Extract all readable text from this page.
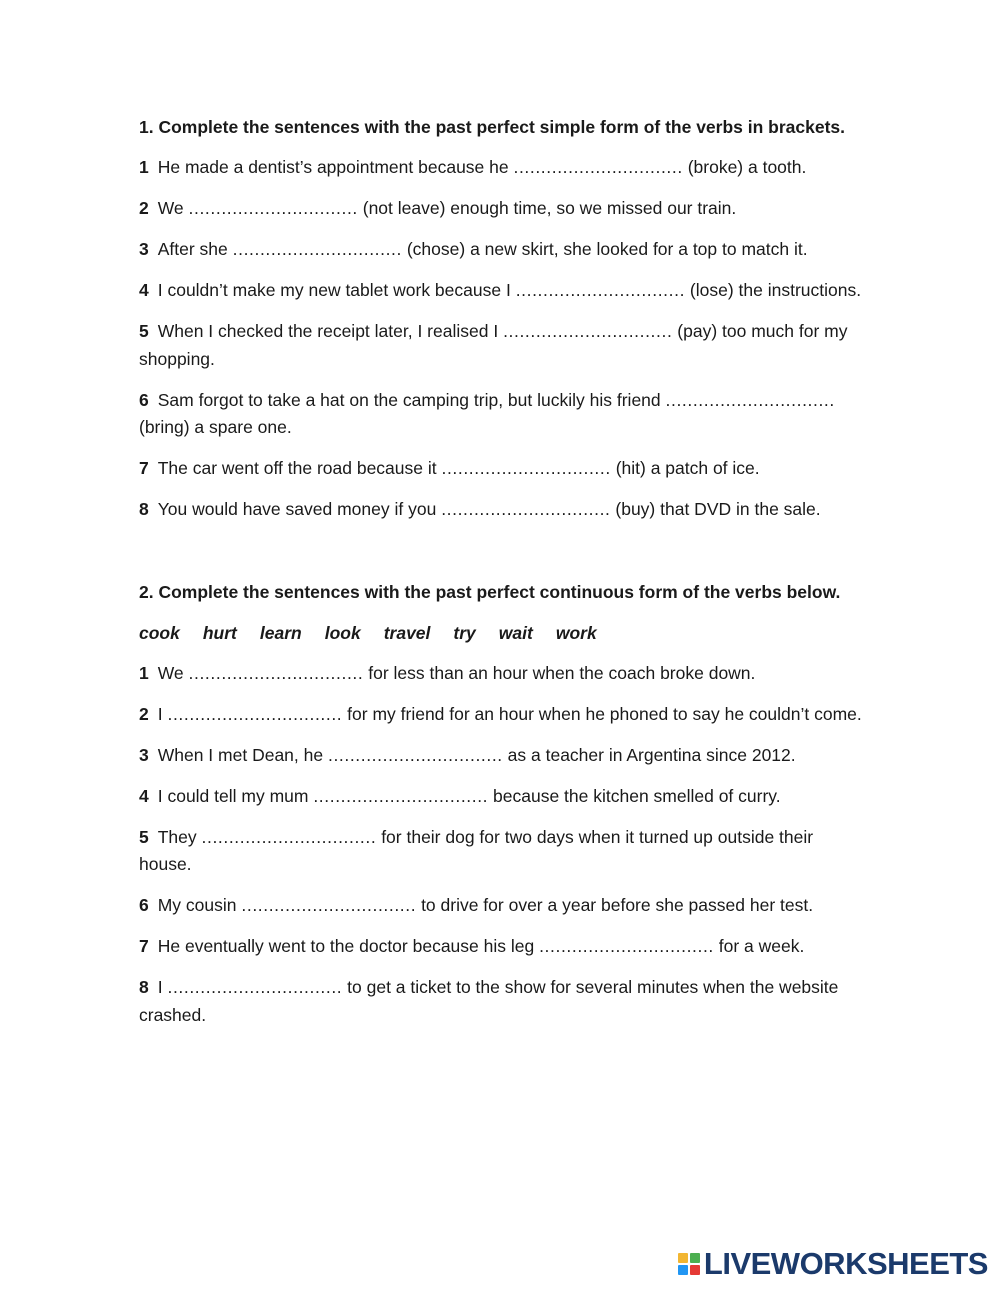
1. Complete the sentences with the past perfect simple form of the verbs in brackets.
1 He made a dentist’s appointment because he ............................... (broke) a tooth.
2 We ............................... (not leave) enough time, so we missed our train.
3 After she ............................... (chose) a new skirt, she looked for a top to match it.
4 I couldn’t make my new tablet work because I ............................... (lose) the instructions.
5 When I checked the receipt later, I realised I ............................... (pay) too much for my shopping.
6 Sam forgot to take a hat on the camping trip, but luckily his friend ............................... (bring) a spare one.
7 The car went off the road because it ............................... (hit) a patch of ice.
8 You would have saved money if you ............................... (buy) that DVD in the sale.
2. Complete the sentences with the past perfect continuous form of the verbs below.
cook hurt learn look travel try wait work
1 We ................................ for less than an hour when the coach broke down.
2 I ................................ for my friend for an hour when he phoned to say he couldn’t come.
3 When I met Dean, he ................................ as a teacher in Argentina since 2012.
4 I could tell my mum ................................ because the kitchen smelled of curry.
5 They ................................ for their dog for two days when it turned up outside their house.
6 My cousin ................................ to drive for over a year before she passed her test.
7 He eventually went to the doctor because his leg ................................ for a week.
8 I ................................ to get a ticket to the show for several minutes when the website crashed.
LIVEWORKSHEETS
